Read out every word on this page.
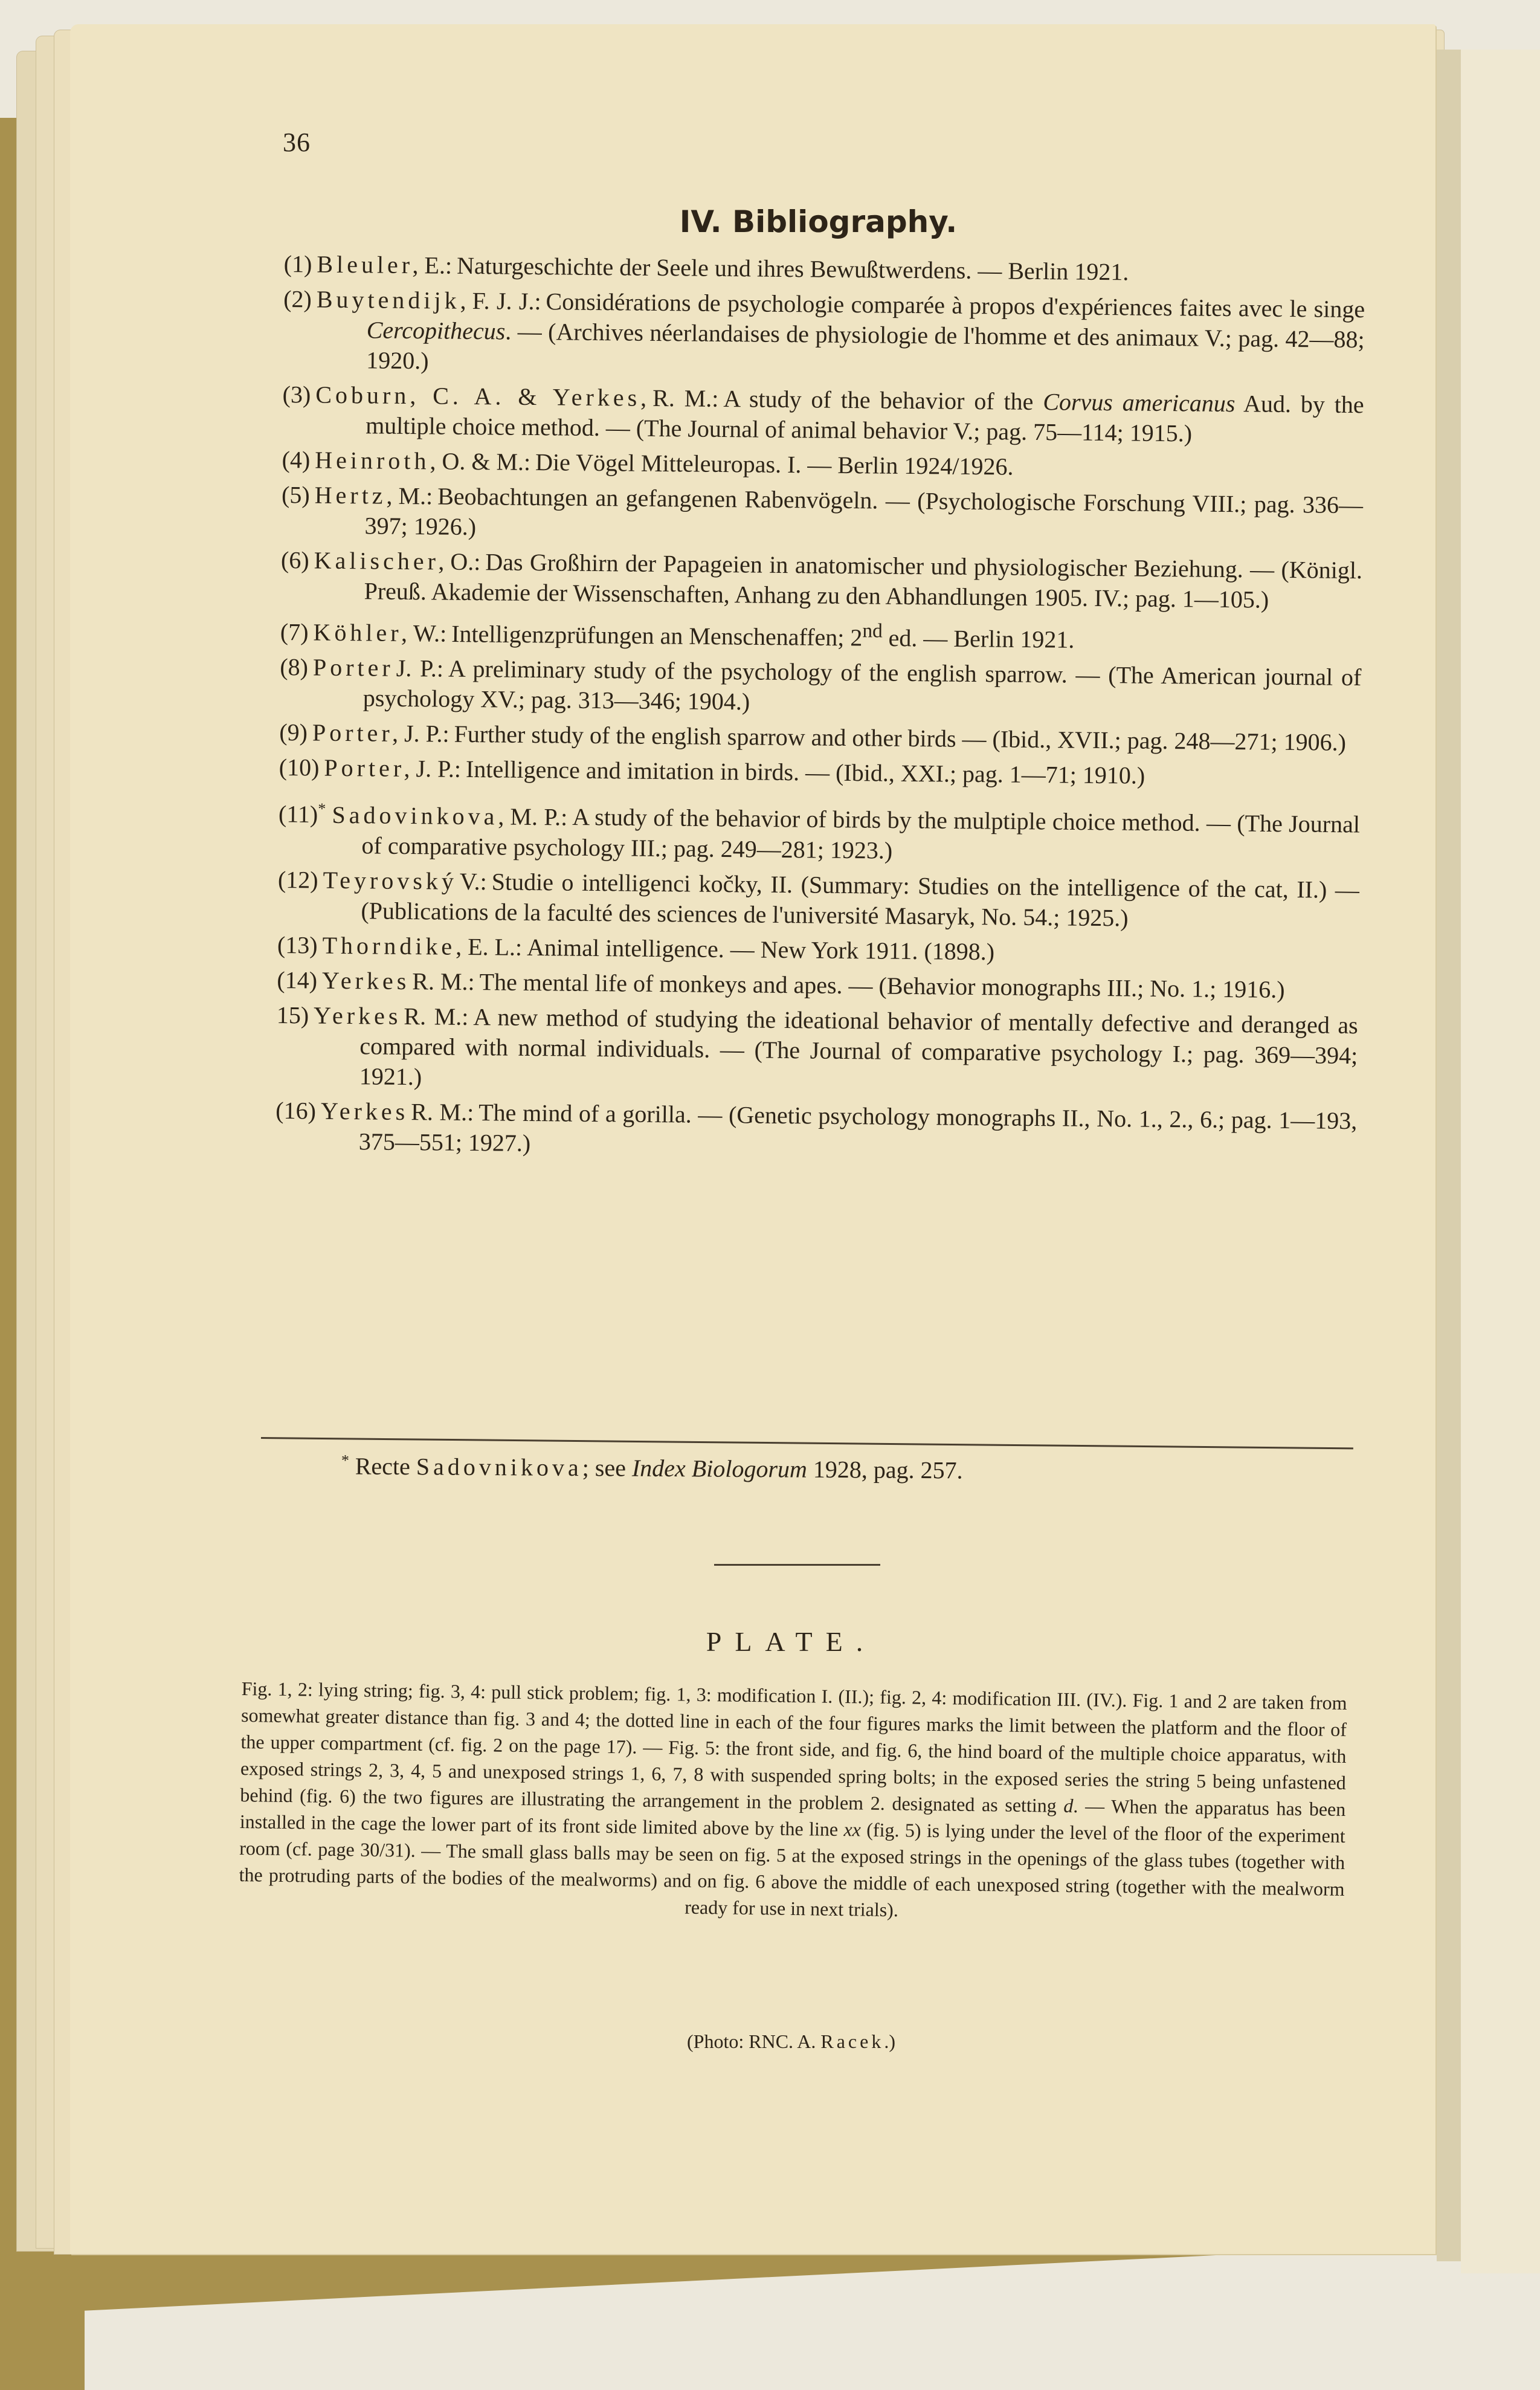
36
IV. Bibliography.

(1) Bleuler,E.: Naturgeschichte der Seele und ihres Bewußtwerdens. — Berlin 1921.

(2) Buytendijk,F. J. J.: Considérations de psychologie comparée à propos d'expériences faites avec le singe Cercopithecus. — (Archives néerlandaises de physiologie de l'homme et des animaux V.; pag. 42—88; 1920.)

(3) Coburn, C. A. & Yerkes,R. M.: A study of the behavior of the Corvus americanus Aud. by the multiple choice method. — (The Journal of animal behavior V.; pag. 75—114; 1915.)

(4) Heinroth,O. & M.: Die Vögel Mitteleuropas. I. — Berlin 1924/1926.

(5) Hertz,M.: Beobachtungen an gefangenen Rabenvögeln. — (Psychologische Forschung VIII.; pag. 336—397; 1926.)

(6) Kalischer,O.: Das Großhirn der Papageien in anatomischer und physiologischer Beziehung. — (Königl. Preuß. Akademie der Wissenschaften, Anhang zu den Abhandlungen 1905. IV.; pag. 1—105.)

(7) Köhler,W.: Intelligenzprüfungen an Menschenaffen; 2nd ed. — Berlin 1921.

(8) PorterJ. P.: A preliminary study of the psychology of the english sparrow. — (The American journal of psychology XV.; pag. 313—346; 1904.)

(9) Porter,J. P.: Further study of the english sparrow and other birds — (Ibid., XVII.; pag. 248—271; 1906.)

(10) Porter,J. P.: Intelligence and imitation in birds. — (Ibid., XXI.; pag. 1—71; 1910.)

(11)* Sadovinkova,M. P.: A study of the behavior of birds by the mulptiple choice method. — (The Journal of comparative psychology III.; pag. 249—281; 1923.)

(12) TeyrovskýV.: Studie o intelligenci kočky, II. (Summary: Studies on the intelligence of the cat, II.) — (Publications de la faculté des sciences de l'université Masaryk, No. 54.; 1925.)

(13) Thorndike,E. L.: Animal intelligence. — New York 1911. (1898.)

(14) YerkesR. M.: The mental life of monkeys and apes. — (Behavior monographs III.; No. 1.; 1916.)

15) YerkesR. M.: A new method of studying the ideational behavior of mentally defective and deranged as compared with normal individuals. — (The Journal of comparative psychology I.; pag. 369—394; 1921.)

(16) YerkesR. M.: The mind of a gorilla. — (Genetic psychology monographs II., No. 1., 2., 6.; pag. 1—193, 375—551; 1927.)

* Recte Sadovnikova; see Index Biologorum 1928, pag. 257.
PLATE.
Fig. 1, 2: lying string; fig. 3, 4: pull stick problem; fig. 1, 3: modification I. (II.); fig. 2, 4: modification III. (IV.). Fig. 1 and 2 are taken from somewhat greater distance than fig. 3 and 4; the dotted line in each of the four figures marks the limit between the platform and the floor of the upper compartment (cf. fig. 2 on the page 17). — Fig. 5: the front side, and fig. 6, the hind board of the multiple choice apparatus, with exposed strings 2, 3, 4, 5 and unexposed strings 1, 6, 7, 8 with suspended spring bolts; in the exposed series the string 5 being unfastened behind (fig. 6) the two figures are illustrating the arrangement in the problem 2. designated as setting d. — When the apparatus has been installed in the cage the lower part of its front side limited above by the line xx (fig. 5) is lying under the level of the floor of the experiment room (cf. page 30/31). — The small glass balls may be seen on fig. 5 at the exposed strings in the openings of the glass tubes (together with the protruding parts of the bodies of the mealworms) and on fig. 6 above the middle of each unexposed string (together with the mealworm ready for use in next trials).
(Photo: RNC. A. Racek.)
